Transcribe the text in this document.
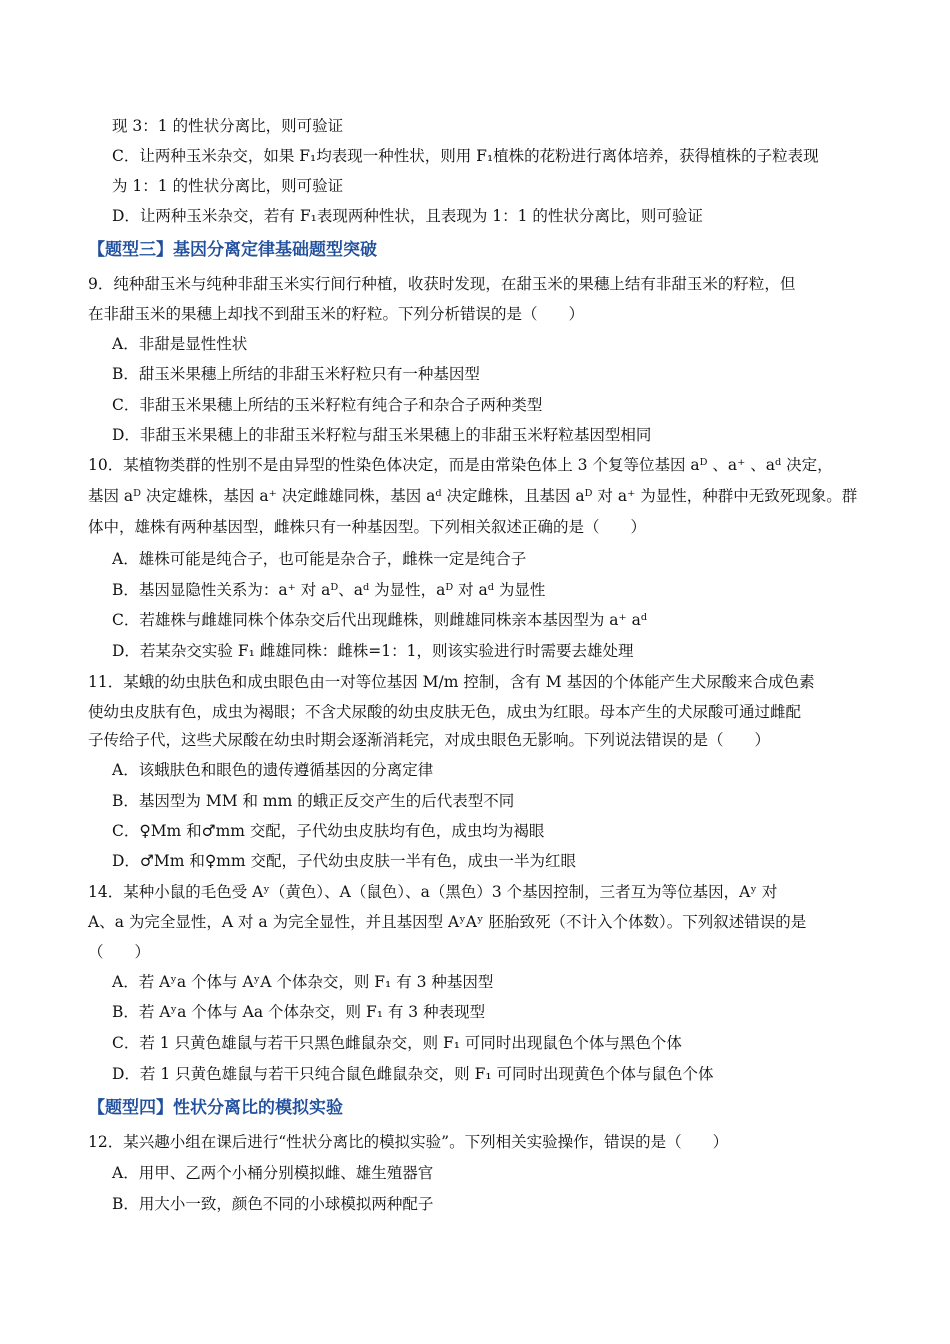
现 3：1 的性状分离比，则可验证
C．让两种玉米杂交，如果 F₁均表现一种性状，则用 F₁植株的花粉进行离体培养，获得植株的子粒表现
为 1：1 的性状分离比，则可验证
D．让两种玉米杂交，若有 F₁表现两种性状，且表现为 1：1 的性状分离比，则可验证
【题型三】基因分离定律基础题型突破
9．纯种甜玉米与纯种非甜玉米实行间行种植，收获时发现，在甜玉米的果穗上结有非甜玉米的籽粒，但
在非甜玉米的果穗上却找不到甜玉米的籽粒。下列分析错误的是（　　）
A．非甜是显性性状
B．甜玉米果穗上所结的非甜玉米籽粒只有一种基因型
C．非甜玉米果穗上所结的玉米籽粒有纯合子和杂合子两种类型
D．非甜玉米果穗上的非甜玉米籽粒与甜玉米果穗上的非甜玉米籽粒基因型相同
10．某植物类群的性别不是由异型的性染色体决定，而是由常染色体上 3 个复等位基因 aᴰ 、a⁺ 、aᵈ 决定，
基因 aᴰ 决定雄株，基因 a⁺ 决定雌雄同株，基因 aᵈ 决定雌株，且基因 aᴰ 对 a⁺ 为显性，种群中无致死现象。群
体中，雄株有两种基因型，雌株只有一种基因型。下列相关叙述正确的是（　　）
A．雄株可能是纯合子，也可能是杂合子，雌株一定是纯合子
B．基因显隐性关系为：a⁺ 对 aᴰ、aᵈ 为显性，aᴰ 对 aᵈ 为显性
C．若雄株与雌雄同株个体杂交后代出现雌株，则雌雄同株亲本基因型为 a⁺ aᵈ
D．若某杂交实验 F₁ 雌雄同株：雌株=1：1，则该实验进行时需要去雄处理
11．某蛾的幼虫肤色和成虫眼色由一对等位基因 M/m 控制，含有 M 基因的个体能产生犬尿酸来合成色素
使幼虫皮肤有色，成虫为褐眼；不含犬尿酸的幼虫皮肤无色，成虫为红眼。母本产生的犬尿酸可通过雌配
子传给子代，这些犬尿酸在幼虫时期会逐渐消耗完，对成虫眼色无影响。下列说法错误的是（　　）
A．该蛾肤色和眼色的遗传遵循基因的分离定律
B．基因型为 MM 和 mm 的蛾正反交产生的后代表型不同
C．♀Mm 和♂mm 交配，子代幼虫皮肤均有色，成虫均为褐眼
D．♂Mm 和♀mm 交配，子代幼虫皮肤一半有色，成虫一半为红眼
14．某种小鼠的毛色受 Aʸ（黄色）、A（鼠色）、a（黑色）3 个基因控制，三者互为等位基因，Aʸ 对
A、a 为完全显性，A 对 a 为完全显性，并且基因型 AʸAʸ 胚胎致死（不计入个体数）。下列叙述错误的是
（　　）
A．若 Aʸa 个体与 AʸA 个体杂交，则 F₁ 有 3 种基因型
B．若 Aʸa 个体与 Aa 个体杂交，则 F₁ 有 3 种表现型
C．若 1 只黄色雄鼠与若干只黑色雌鼠杂交，则 F₁ 可同时出现鼠色个体与黑色个体
D．若 1 只黄色雄鼠与若干只纯合鼠色雌鼠杂交，则 F₁ 可同时出现黄色个体与鼠色个体
【题型四】性状分离比的模拟实验
12．某兴趣小组在课后进行“性状分离比的模拟实验”。下列相关实验操作，错误的是（　　）
A．用甲、乙两个小桶分别模拟雌、雄生殖器官
B．用大小一致，颜色不同的小球模拟两种配子
